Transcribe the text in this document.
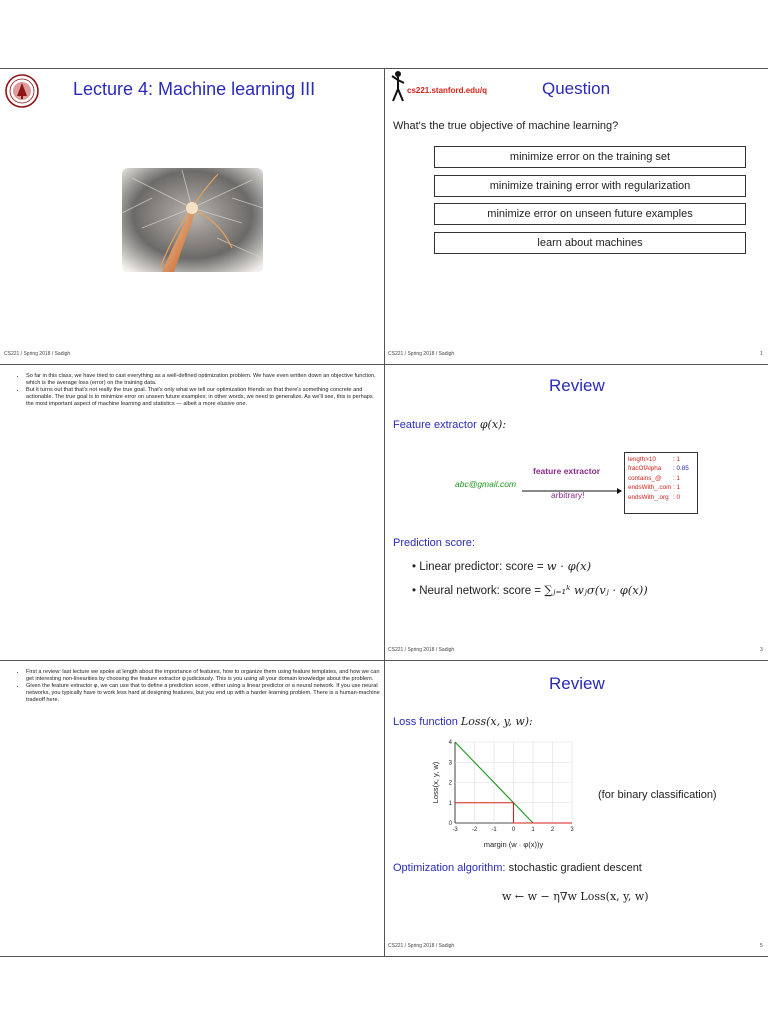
Lecture 4: Machine learning III
CS221 / Spring 2018 / Sadigh
cs221.stanford.edu/q	Question
What's the true objective of machine learning?
minimize error on the training set
minimize training error with regularization
minimize error on unseen future examples
learn about machines
CS221 / Spring 2018 / Sadigh	1
• So far in this class, we have tried to cast everything as a well-defined optimization problem. We have even written down an objective function, which is the average loss (error) on the training data.
• But it turns out that that's not really the true goal. That's only what we tell our optimization friends so that there's something concrete and actionable. The true goal is to minimize error on unseen future examples; in other words, we need to generalize. As we'll see, this is perhaps the most important aspect of machine learning and statistics — albeit a more elusive one.
Review
Feature extractor φ(x):
abc@gmail.com
feature extractor
arbitrary!
length>10	: 1
fracOfAlpha : 0.85
contains_@ : 1
endsWith_.com : 1
endsWith_.org : 0
Prediction score:
• Linear predictor: score = w · φ(x)
• Neural network: score = ∑ⱼ₌₁ᵏ wⱼσ(vⱼ · φ(x))
CS221 / Spring 2018 / Sadigh	3
• First a review: last lecture we spoke at length about the importance of features, how to organize them using feature templates, and how we can get interesting non-linearities by choosing the feature extractor φ judiciously. This is you using all your domain knowledge about the problem.
• Given the feature extractor φ, we can use that to define a prediction score, either using a linear predictor or a neural network. If you use neural networks, you typically have to work less hard at designing features, but you end up with a harder learning problem. There is a human-machine tradeoff here.
Review
Loss function Loss(x, y, w):
-3 -2 -1	0	1	2	3
0
1
2
3
4
margin (w · φ(x))y
Loss(x, y, w)	(for binary classification)
Optimization algorithm: stochastic gradient descent
w ← w − η∇w Loss(x, y, w)
CS221 / Spring 2018 / Sadigh	5
